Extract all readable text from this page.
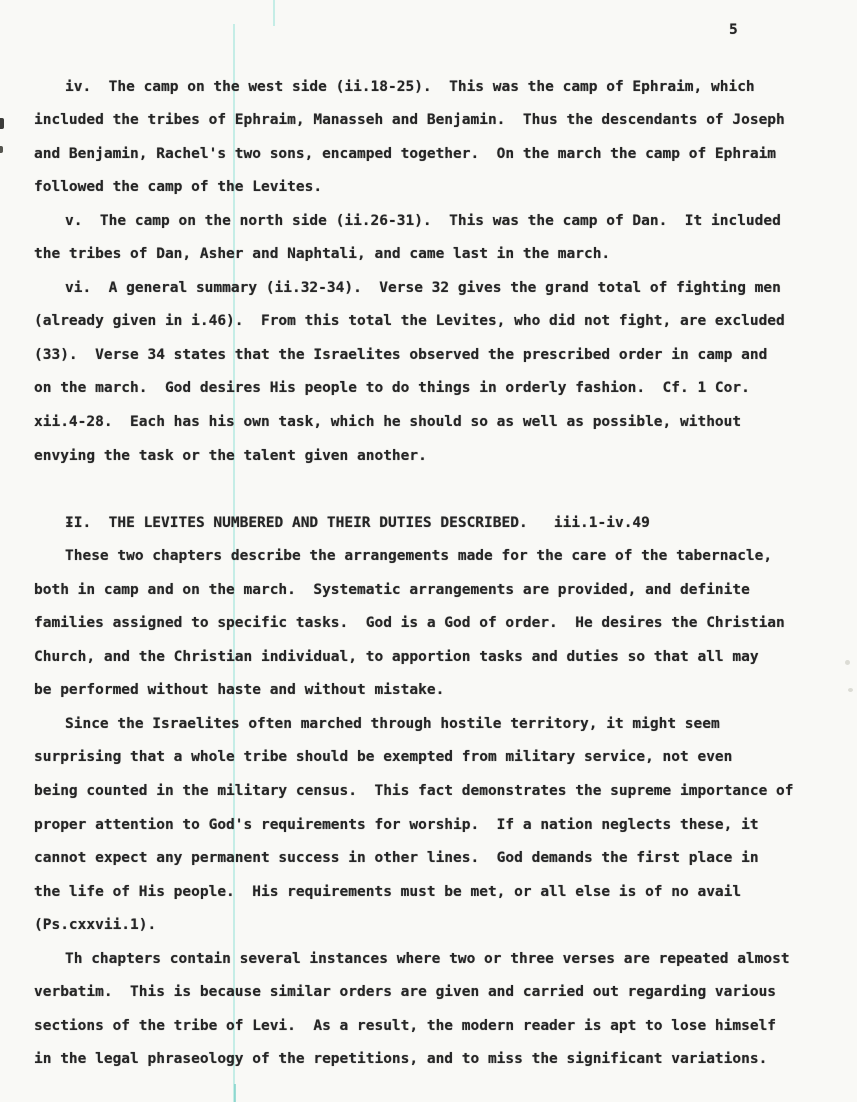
5
iv.  The camp on the west side (ii.18-25).  This was the camp of Ephraim, which
included the tribes of Ephraim, Manasseh and Benjamin.  Thus the descendants of Joseph
and Benjamin, Rachel's two sons, encamped together.  On the march the camp of Ephraim
followed the camp of the Levites.
v.  The camp on the north side (ii.26-31).  This was the camp of Dan.  It included
the tribes of Dan, Asher and Naphtali, and came last in the march.
vi.  A general summary (ii.32-34).  Verse 32 gives the grand total of fighting men
(already given in i.46).  From this total the Levites, who did not fight, are excluded
(33).  Verse 34 states that the Israelites observed the prescribed order in camp and
on the march.  God desires His people to do things in orderly fashion.  Cf. 1 Cor.
xii.4-28.  Each has his own task, which he should so as well as possible, without
envying the task or the talent given another.
ƗI.  THE LEVITES NUMBERED AND THEIR DUTIES DESCRIBED.   iii.1-iv.49
These two chapters describe the arrangements made for the care of the tabernacle,
both in camp and on the march.  Systematic arrangements are provided, and definite
families assigned to specific tasks.  God is a God of order.  He desires the Christian
Church, and the Christian individual, to apportion tasks and duties so that all may
be performed without haste and without mistake.
Since the Israelites often marched through hostile territory, it might seem
surprising that a whole tribe should be exempted from military service, not even
being counted in the military census.  This fact demonstrates the supreme importance of
proper attention to God's requirements for worship.  If a nation neglects these, it
cannot expect any permanent success in other lines.  God demands the first place in
the life of His people.  His requirements must be met, or all else is of no avail
(Ps.cxxvii.1).
Th chapters contain several instances where two or three verses are repeated almost
verbatim.  This is because similar orders are given and carried out regarding various
sections of the tribe of Levi.  As a result, the modern reader is apt to lose himself
in the legal phraseology of the repetitions, and to miss the significant variations.
